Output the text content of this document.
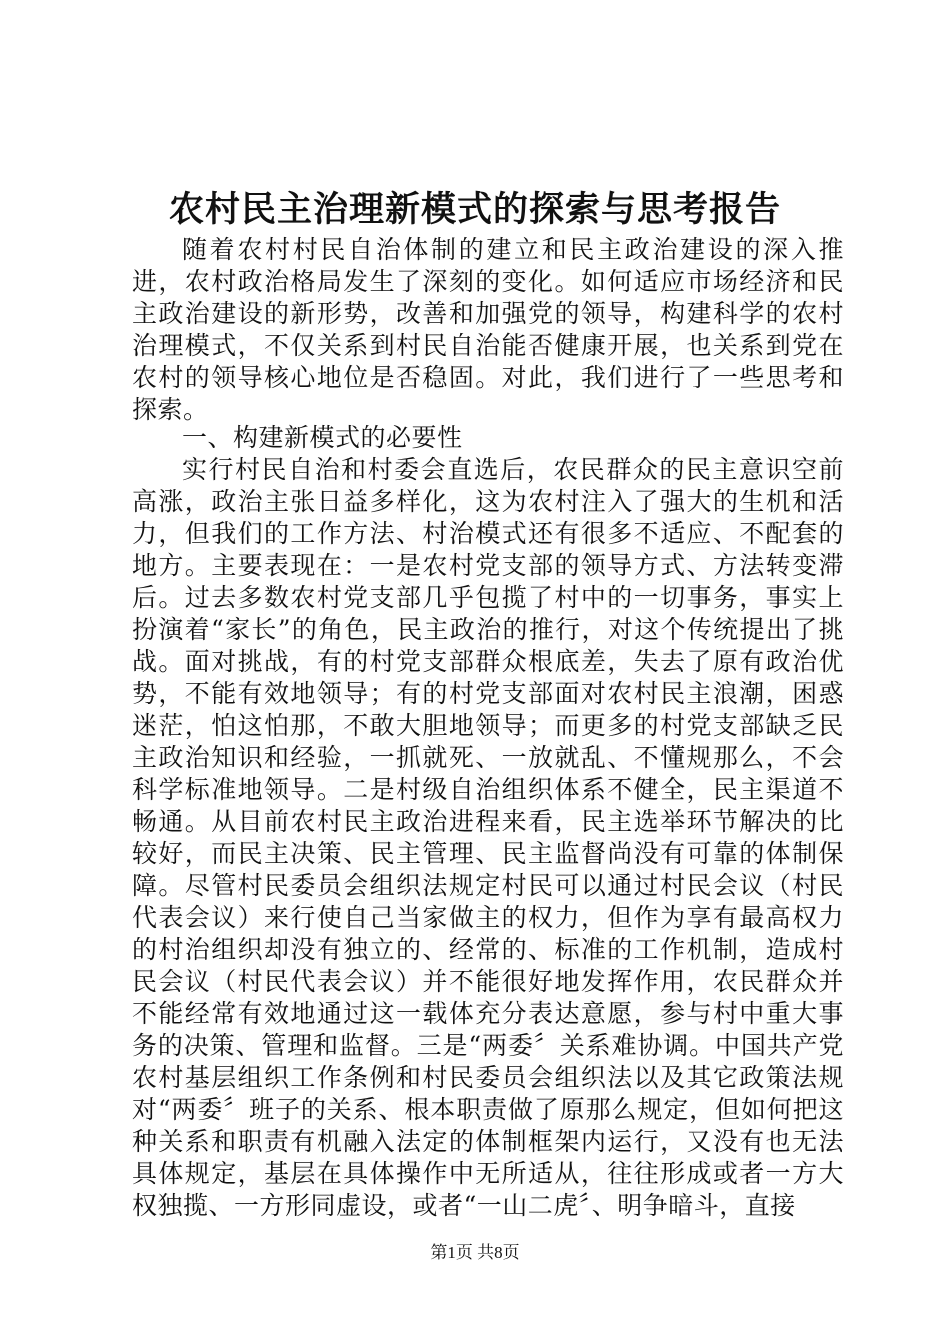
农村民主治理新模式的探索与思考报告

随着农村村民自治体制的建立和民主政治建设的深入推进，农村政治格局发生了深刻的变化。如何适应市场经济和民主政治建设的新形势，改善和加强党的领导，构建科学的农村治理模式，不仅关系到村民自治能否健康开展，也关系到党在农村的领导核心地位是否稳固。对此，我们进行了一些思考和探索。

一、构建新模式的必要性

实行村民自治和村委会直选后，农民群众的民主意识空前高涨，政治主张日益多样化，这为农村注入了强大的生机和活力，但我们的工作方法、村治模式还有很多不适应、不配套的地方。主要表现在：一是农村党支部的领导方式、方法转变滞后。过去多数农村党支部几乎包揽了村中的一切事务，事实上扮演着“家长”的角色，民主政治的推行，对这个传统提出了挑战。面对挑战，有的村党支部群众根底差，失去了原有政治优势，不能有效地领导；有的村党支部面对农村民主浪潮，困惑迷茫，怕这怕那，不敢大胆地领导；而更多的村党支部缺乏民主政治知识和经验，一抓就死、一放就乱、不懂规那么，不会科学标准地领导。二是村级自治组织体系不健全，民主渠道不畅通。从目前农村民主政治进程来看，民主选举环节解决的比较好，而民主决策、民主管理、民主监督尚没有可靠的体制保障。尽管村民委员会组织法规定村民可以通过村民会议（村民代表会议）来行使自己当家做主的权力，但作为享有最高权力的村治组织却没有独立的、经常的、标准的工作机制，造成村民会议（村民代表会议）并不能很好地发挥作用，农民群众并不能经常有效地通过这一载体充分表达意愿，参与村中重大事务的决策、管理和监督。三是“两委〞关系难协调。中国共产党农村基层组织工作条例和村民委员会组织法以及其它政策法规对“两委〞班子的关系、根本职责做了原那么规定，但如何把这种关系和职责有机融入法定的体制框架内运行，又没有也无法具体规定，基层在具体操作中无所适从，往往形成或者一方大权独揽、一方形同虚设，或者“一山二虎〞、明争暗斗，直接

第1页 共8页
